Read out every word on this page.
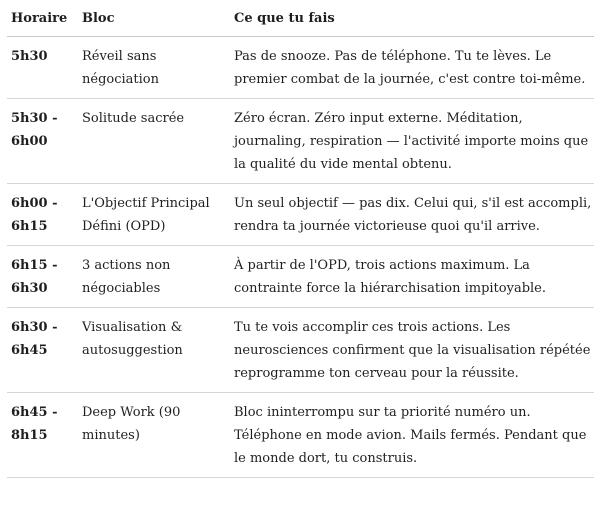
Horaire	Bloc	Ce que tu fais
5h30	Réveil sans négociation	Pas de snooze. Pas de téléphone. Tu te lèves. Le premier combat de la journée, c'est contre toi-même.
5h30 - 6h00	Solitude sacrée	Zéro écran. Zéro input externe. Méditation, journaling, respiration — l'activité importe moins que la qualité du vide mental obtenu.
6h00 - 6h15	L'Objectif Principal Défini (OPD)	Un seul objectif — pas dix. Celui qui, s'il est accompli, rendra ta journée victorieuse quoi qu'il arrive.
6h15 - 6h30	3 actions non négociables	À partir de l'OPD, trois actions maximum. La contrainte force la hiérarchisation impitoyable.
6h30 - 6h45	Visualisation & autosuggestion	Tu te vois accomplir ces trois actions. Les neurosciences confirment que la visualisation répétée reprogramme ton cerveau pour la réussite.
6h45 - 8h15	Deep Work (90 minutes)	Bloc ininterrompu sur ta priorité numéro un. Téléphone en mode avion. Mails fermés. Pendant que le monde dort, tu construis.
